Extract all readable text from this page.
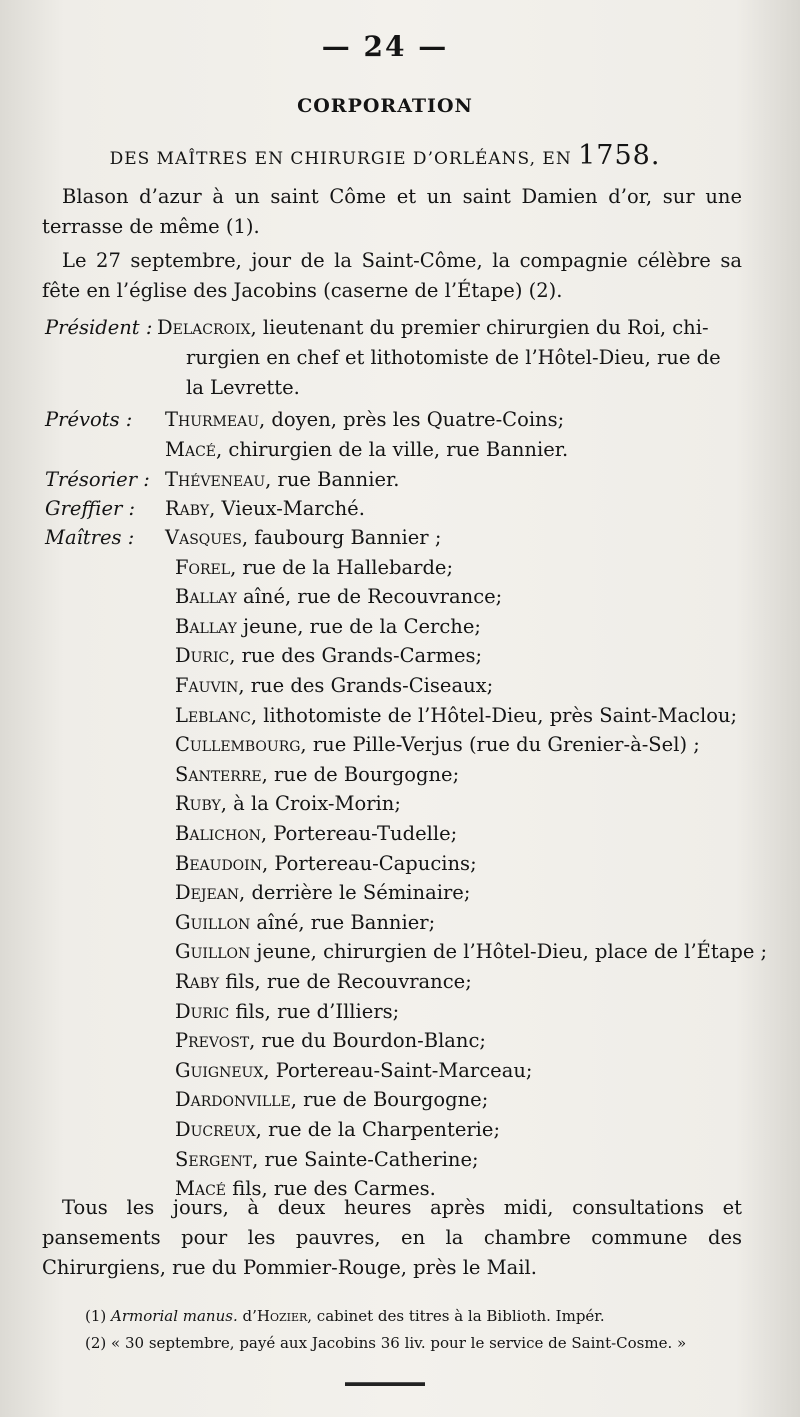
— 24 —
CORPORATION
DES MAÎTRES EN CHIRURGIE D’ORLÉANS, EN 1758.
Blason d’azur à un saint Côme et un saint Damien d’or, sur une terrasse de même (1).
Le 27 septembre, jour de la Saint-Côme, la compagnie célèbre sa fête en l’église des Jacobins (caserne de l’Étape) (2).
Président : Delacroix, lieutenant du premier chirurgien du Roi, chi-
rurgien en chef et lithotomiste de l’Hôtel-Dieu, rue de
la Levrette.
Prévots : Thurmeau, doyen, près les Quatre-Coins;
Macé, chirurgien de la ville, rue Bannier.
Trésorier : Théveneau, rue Bannier.
Greffier : Raby, Vieux-Marché.
Maîtres : Vasques, faubourg Bannier ;
Forel, rue de la Hallebarde;
Ballay aîné, rue de Recouvrance;
Ballay jeune, rue de la Cerche;
Duric, rue des Grands-Carmes;
Fauvin, rue des Grands-Ciseaux;
Leblanc, lithotomiste de l’Hôtel-Dieu, près Saint-Maclou;
Cullembourg, rue Pille-Verjus (rue du Grenier-à-Sel) ;
Santerre, rue de Bourgogne;
Ruby, à la Croix-Morin;
Balichon, Portereau-Tudelle;
Beaudoin, Portereau-Capucins;
Dejean, derrière le Séminaire;
Guillon aîné, rue Bannier;
Guillon jeune, chirurgien de l’Hôtel-Dieu, place de l’Étape ;
Raby fils, rue de Recouvrance;
Duric fils, rue d’Illiers;
Prevost, rue du Bourdon-Blanc;
Guigneux, Portereau-Saint-Marceau;
Dardonville, rue de Bourgogne;
Ducreux, rue de la Charpenterie;
Sergent, rue Sainte-Catherine;
Macé fils, rue des Carmes.
Tous les jours, à deux heures après midi, consultations et pansements pour les pauvres, en la chambre commune des Chirurgiens, rue du Pommier-Rouge, près le Mail.
(1) Armorial manus. d’Hozier, cabinet des titres à la Biblioth. Impér.
(2) « 30 septembre, payé aux Jacobins 36 liv. pour le service de Saint-Cosme. »
